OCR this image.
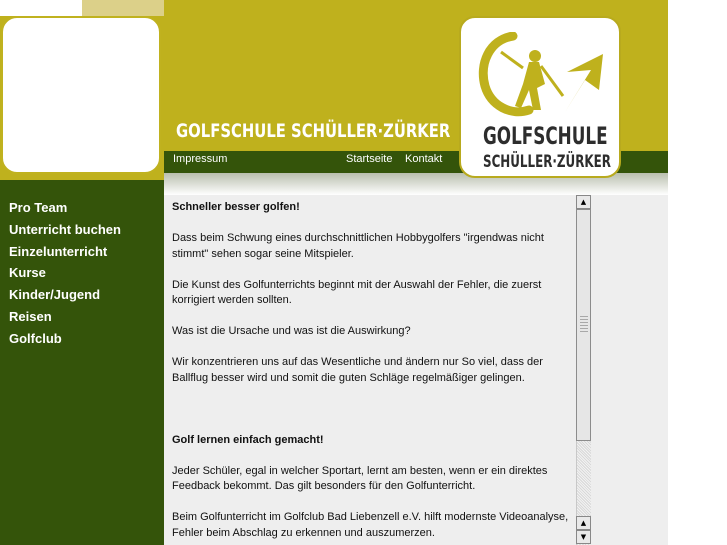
Pro Team
Unterricht buchen
Einzelunterricht
Kurse
Kinder/Jugend
Reisen
Golfclub
GOLFSCHULE SCHÜLLER·ZÜRKER
Impressum	Startseite Kontakt
GOLFSCHULE
SCHÜLLER·ZÜRKER

Schneller besser golfen!

Dass beim Schwung eines durchschnittlichen Hobbygolfers "irgendwas nicht stimmt" sehen sogar seine Mitspieler.

Die Kunst des Golfunterrichts beginnt mit der Auswahl der Fehler, die zuerst korrigiert werden sollten.

Was ist die Ursache und was ist die Auswirkung?

Wir konzentrieren uns auf das Wesentliche und ändern nur So viel, dass der Ballflug besser wird und somit die guten Schläge regelmäßiger gelingen.

Golf lernen einfach gemacht!

Jeder Schüler, egal in welcher Sportart, lernt am besten, wenn er ein direktes Feedback bekommt. Das gilt besonders für den Golfunterricht.

Beim Golfunterricht im Golfclub Bad Liebenzell e.V. hilft modernste Videoanalyse, Fehler beim Abschlag zu erkennen und auszumerzen.

▲
▲
▼
